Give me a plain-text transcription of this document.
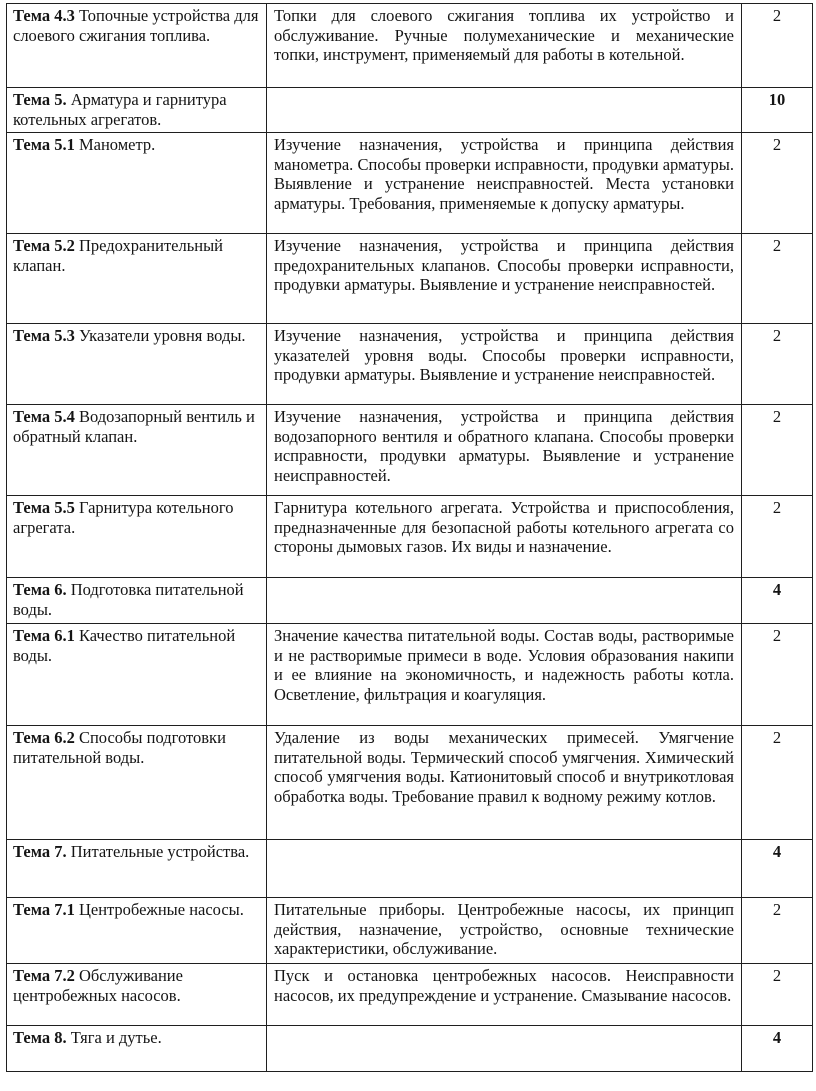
Тема 4.3 Топочные устройства для слоевого сжигания топлива.	Топки для слоевого сжигания топлива их устройство и обслуживание. Ручные полумеханические и механические топки, инструмент, применяемый для работы в котельной.	2
Тема 5. Арматура и гарнитура котельных агрегатов.		10
Тема 5.1 Манометр.	Изучение назначения, устройства и принципа действия манометра. Способы проверки исправности, продувки арматуры. Выявление и устранение неисправностей. Места установки арматуры. Требования, применяемые к допуску арматуры.	2
Тема 5.2 Предохранительный клапан.	Изучение назначения, устройства и принципа действия предохранительных клапанов. Способы проверки исправности, продувки арматуры. Выявление и устранение неисправностей.	2
Тема 5.3 Указатели уровня воды.	Изучение назначения, устройства и принципа действия указателей уровня воды. Способы проверки исправности, продувки арматуры. Выявление и устранение неисправностей.	2
Тема 5.4 Водозапорный вентиль и обратный клапан.	Изучение назначения, устройства и принципа действия водозапорного вентиля и обратного клапана. Способы проверки исправности, продувки арматуры. Выявление и устранение неисправностей.	2
Тема 5.5 Гарнитура котельного агрегата.	Гарнитура котельного агрегата. Устройства и приспособления, предназначенные для безопасной работы котельного агрегата со стороны дымовых газов. Их виды и назначение.	2
Тема 6. Подготовка питательной воды.		4
Тема 6.1 Качество питательной воды.	Значение качества питательной воды. Состав воды, растворимые и не растворимые примеси в воде. Условия образования накипи и ее влияние на экономичность, и надежность работы котла. Осветление, фильтрация и коагуляция.	2
Тема 6.2 Способы подготовки питательной воды.	Удаление из воды механических примесей. Умягчение питательной воды. Термический способ умягчения. Химический способ умягчения воды. Катионитовый способ и внутрикотловая обработка воды. Требование правил к водному режиму котлов.	2
Тема 7. Питательные устройства.		4
Тема 7.1 Центробежные насосы.	Питательные приборы. Центробежные насосы, их принцип действия, назначение, устройство, основные технические характеристики, обслуживание.	2
Тема 7.2 Обслуживание центробежных насосов.	Пуск и остановка центробежных насосов. Неисправности насосов, их предупреждение и устранение. Смазывание насосов.	2
Тема 8. Тяга и дутье.		4
